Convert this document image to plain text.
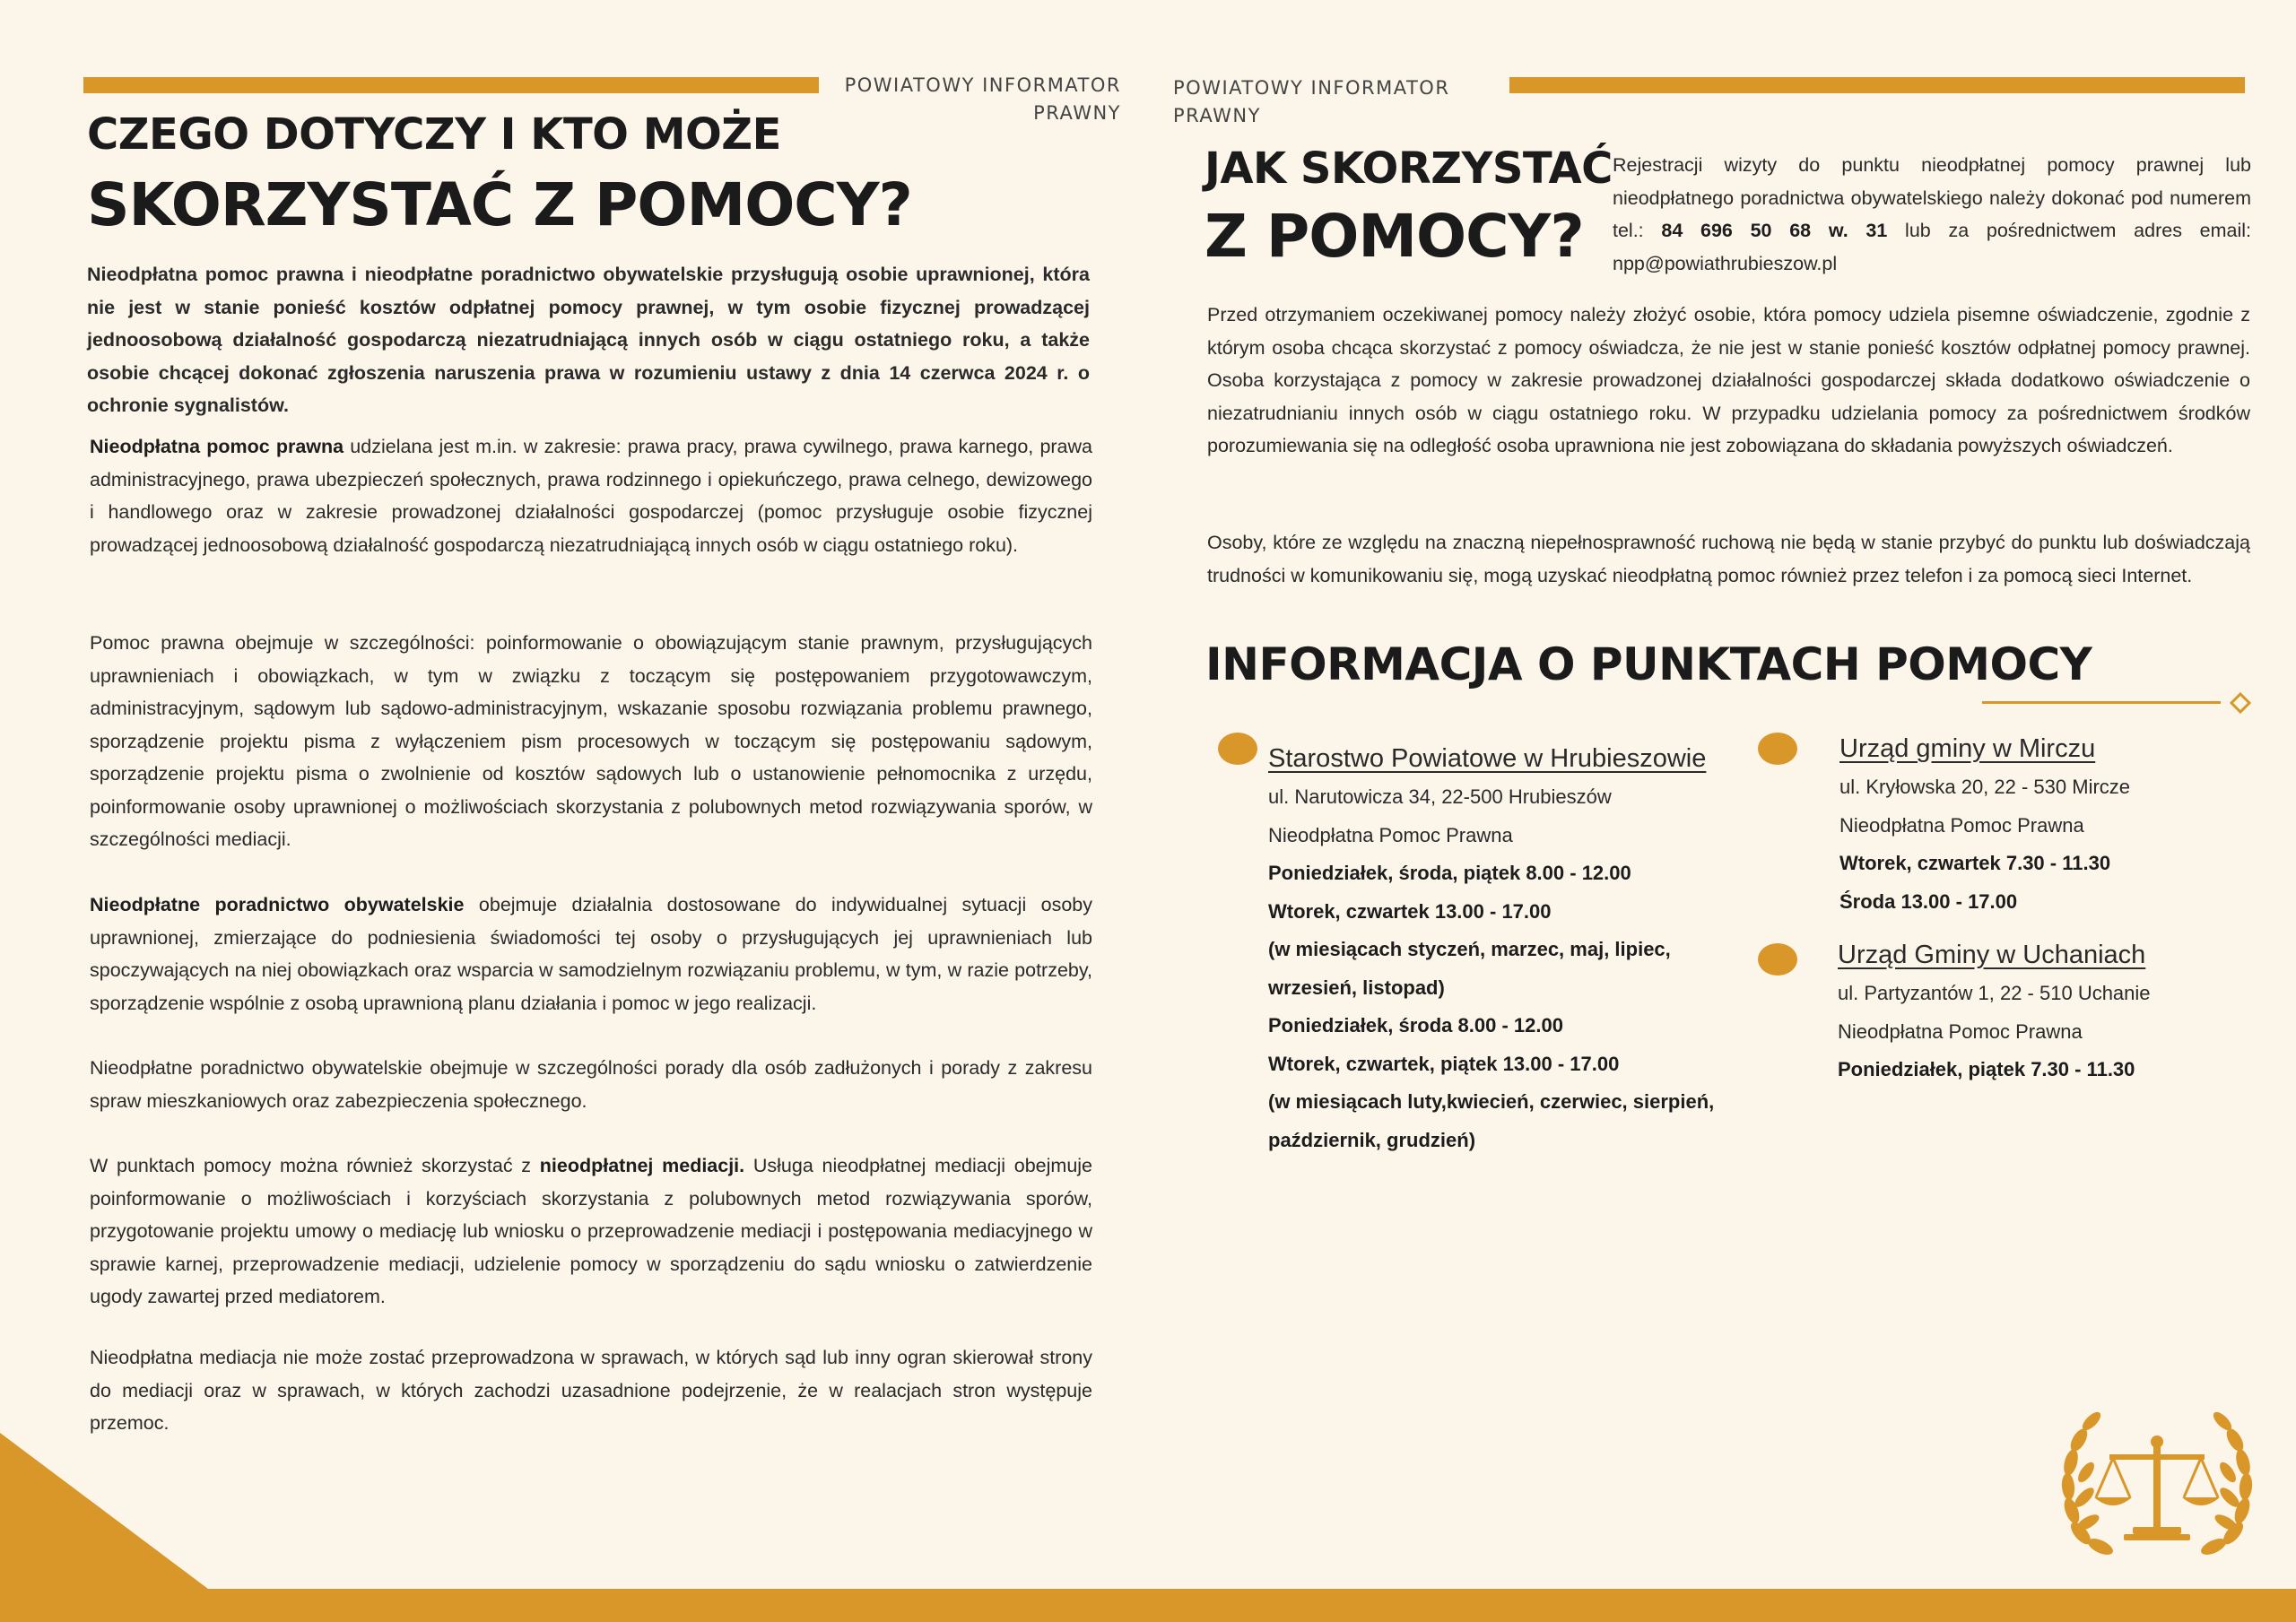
POWIATOWY INFORMATOR
PRAWNY
POWIATOWY INFORMATOR
PRAWNY
CZEGO DOTYCZY I KTO MOŻE
SKORZYSTAĆ Z POMOCY?

Nieodpłatna pomoc prawna i nieodpłatne poradnictwo obywatelskie przysługują osobie uprawnionej, która nie jest w stanie ponieść kosztów odpłatnej pomocy prawnej, w tym osobie fizycznej prowadzącej jednoosobową działalność gospodarczą niezatrudniającą innych osób w ciągu ostatniego roku, a także osobie chcącej dokonać zgłoszenia naruszenia prawa w rozumieniu ustawy z dnia 14 czerwca 2024 r. o ochronie sygnalistów.

Nieodpłatna pomoc prawna udzielana jest m.in. w zakresie: prawa pracy, prawa cywilnego, prawa karnego, prawa administracyjnego, prawa ubezpieczeń społecznych, prawa rodzinnego i opiekuńczego, prawa celnego, dewizowego i handlowego oraz w zakresie prowadzonej działalności gospodarczej (pomoc przysługuje osobie fizycznej prowadzącej jednoosobową działalność gospodarczą niezatrudniającą innych osób w ciągu ostatniego roku).

Pomoc prawna obejmuje w szczególności: poinformowanie o obowiązującym stanie prawnym, przysługujących uprawnieniach i obowiązkach, w tym w związku z toczącym się postępowaniem przygotowawczym, administracyjnym, sądowym lub sądowo-administracyjnym, wskazanie sposobu rozwiązania problemu prawnego, sporządzenie projektu pisma z wyłączeniem pism procesowych w toczącym się postępowaniu sądowym, sporządzenie projektu pisma o zwolnienie od kosztów sądowych lub o ustanowienie pełnomocnika z urzędu, poinformowanie osoby uprawnionej o możliwościach skorzystania z polubownych metod rozwiązywania sporów, w szczególności mediacji.

Nieodpłatne poradnictwo obywatelskie obejmuje działalnia dostosowane do indywidualnej sytuacji osoby uprawnionej, zmierzające do podniesienia świadomości tej osoby o przysługujących jej uprawnieniach lub spoczywających na niej obowiązkach oraz wsparcia w samodzielnym rozwiązaniu problemu, w tym, w razie potrzeby, sporządzenie wspólnie z osobą uprawnioną planu działania i pomoc w jego realizacji.

Nieodpłatne poradnictwo obywatelskie obejmuje w szczególności porady dla osób zadłużonych i porady z zakresu spraw mieszkaniowych oraz zabezpieczenia społecznego.

W punktach pomocy można również skorzystać z nieodpłatnej mediacji. Usługa nieodpłatnej mediacji obejmuje poinformowanie o możliwościach i korzyściach skorzystania z polubownych metod rozwiązywania sporów, przygotowanie projektu umowy o mediację lub wniosku o przeprowadzenie mediacji i postępowania mediacyjnego w sprawie karnej, przeprowadzenie mediacji, udzielenie pomocy w sporządzeniu do sądu wniosku o zatwierdzenie ugody zawartej przed mediatorem.

Nieodpłatna mediacja nie może zostać przeprowadzona w sprawach, w których sąd lub inny ogran skierował strony do mediacji oraz w sprawach, w których zachodzi uzasadnione podejrzenie, że w realacjach stron występuje przemoc.

JAK SKORZYSTAĆ
Z POMOCY?

Rejestracji wizyty do punktu nieodpłatnej pomocy prawnej lub nieodpłatnego poradnictwa obywatelskiego należy dokonać pod numerem tel.: 84 696 50 68 w. 31 lub za pośrednictwem adres email: npp@powiathrubieszow.pl

Przed otrzymaniem oczekiwanej pomocy należy złożyć osobie, która pomocy udziela pisemne oświadczenie, zgodnie z którym osoba chcąca skorzystać z pomocy oświadcza, że nie jest w stanie ponieść kosztów odpłatnej pomocy prawnej. Osoba korzystająca z pomocy w zakresie prowadzonej działalności gospodarczej składa dodatkowo oświadczenie o niezatrudnianiu innych osób w ciągu ostatniego roku. W przypadku udzielania pomocy za pośrednictwem środków porozumiewania się na odległość osoba uprawniona nie jest zobowiązana do składania powyższych oświadczeń.

Osoby, które ze względu na znaczną niepełnosprawność ruchową nie będą w stanie przybyć do punktu lub doświadczają trudności w komunikowaniu się, mogą uzyskać nieodpłatną pomoc również przez telefon i za pomocą sieci Internet.

INFORMACJA O PUNKTACH POMOCY
Starostwo Powiatowe w Hrubieszowie
ul. Narutowicza 34, 22-500 Hrubieszów
Nieodpłatna Pomoc Prawna
Poniedziałek, środa, piątek 8.00 - 12.00
Wtorek, czwartek 13.00 - 17.00
(w miesiącach styczeń, marzec, maj, lipiec,
wrzesień, listopad)
Poniedziałek, środa 8.00 - 12.00
Wtorek, czwartek, piątek 13.00 - 17.00
(w miesiącach luty,kwiecień, czerwiec, sierpień,
październik, grudzień)
Urząd gminy w Mirczu
ul. Kryłowska 20, 22 - 530 Mircze
Nieodpłatna Pomoc Prawna
Wtorek, czwartek 7.30 - 11.30
Środa 13.00 - 17.00
Urząd Gminy w Uchaniach
ul. Partyzantów 1, 22 - 510 Uchanie
Nieodpłatna Pomoc Prawna
Poniedziałek, piątek 7.30 - 11.30
